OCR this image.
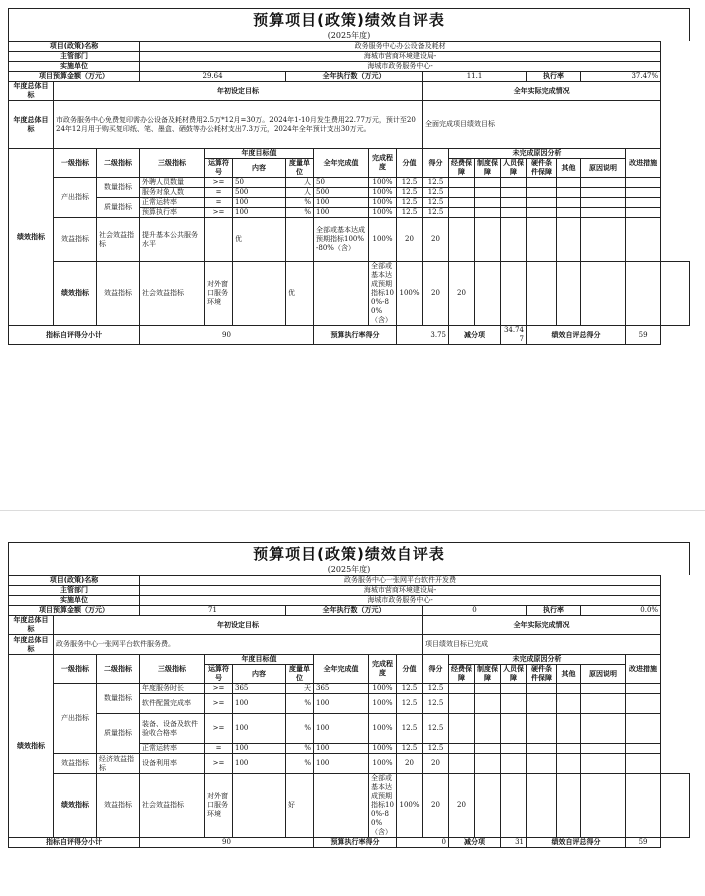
预算项目(政策)绩效自评表
(2025年度)
项目(政策)名称			政务服务中心办公设备及耗材															
主管部门			海城市营商环境建设局-															
实施单位			海城市政务服务中心-															
项目预算金额（万元）			29.64			全年执行数（万元）				11.1				执行率		37.47%		
年度总体目标	年初设定目标									全年实际完成情况								
年度总体目标	市政务服务中心免费复印需办公设备及耗材费用2.5万*12月=30万。2024年1-10月发生费用22.77万元，预计至2024年12月用于购买复印纸、笔、墨盒、硒鼓等办公耗材支出7.3万元，2024年全年预计支出30万元。									全面完成项目绩效目标								
绩效指标	一级指标	二级指标	三级指标	年度目标值			全年完成值	完成程度	分值	得分	未完成原因分析						改进措施	
				运算符号	内容	度量单位					经费保障	制度保障	人员保障	硬件条件保障	其他	原因说明		

	产出指标	数量指标	外聘人员数量	>=	50	人	50	100%	12.5	12.5								
			服务对象人数	=	500	人	500	100%	12.5	12.5								
		质量指标	正常运转率	=	100	%	100	100%	12.5	12.5								
			预算执行率	>=	100	%	100	100%	12.5	12.5								
	效益指标	社会效益指标	提升基本公共服务水平		优		全部或基本达成预期指标100%-80%（含）	100%	20	20								
	绩效指标	效益指标	社会效益指标	对外窗口服务环境		优		全部或基本达成预期指标100%-80%（含）	100%	20	20							
指标自评得分小计			90				预算执行率得分		3.75		减分项		34.747	绩效自评总得分			59	
预算项目(政策)绩效自评表
(2025年度)
项目(政策)名称			政务服务中心一张网平台软件开发费															
主管部门			海城市营商环境建设局-															
实施单位			海城市政务服务中心-															
项目预算金额（万元）			71			全年执行数（万元）				0				执行率		0.0%		
年度总体目标	年初设定目标									全年实际完成情况								
年度总体目标	政务服务中心一张网平台软件服务费。									项目绩效目标已完成								
绩效指标	一级指标	二级指标	三级指标	年度目标值			全年完成值	完成程度	分值	得分	未完成原因分析						改进措施	
				运算符号	内容	度量单位					经费保障	制度保障	人员保障	硬件条件保障	其他	原因说明		

	产出指标	数量指标	年度服务时长	>=	365	天	365	100%	12.5	12.5								
			软件配置完成率	>=	100	%	100	100%	12.5	12.5								
		质量指标	装备、设备及软件验收合格率	>=	100	%	100	100%	12.5	12.5								
			正常运转率	=	100	%	100	100%	12.5	12.5								
	效益指标	经济效益指标	设备利用率	>=	100	%	100	100%	20	20								
	绩效指标	效益指标	社会效益指标	对外窗口服务环境		好		全部或基本达成预期指标100%-80%（含）	100%	20	20							
指标自评得分小计			90				预算执行率得分		0		减分项		31	绩效自评总得分			59	
